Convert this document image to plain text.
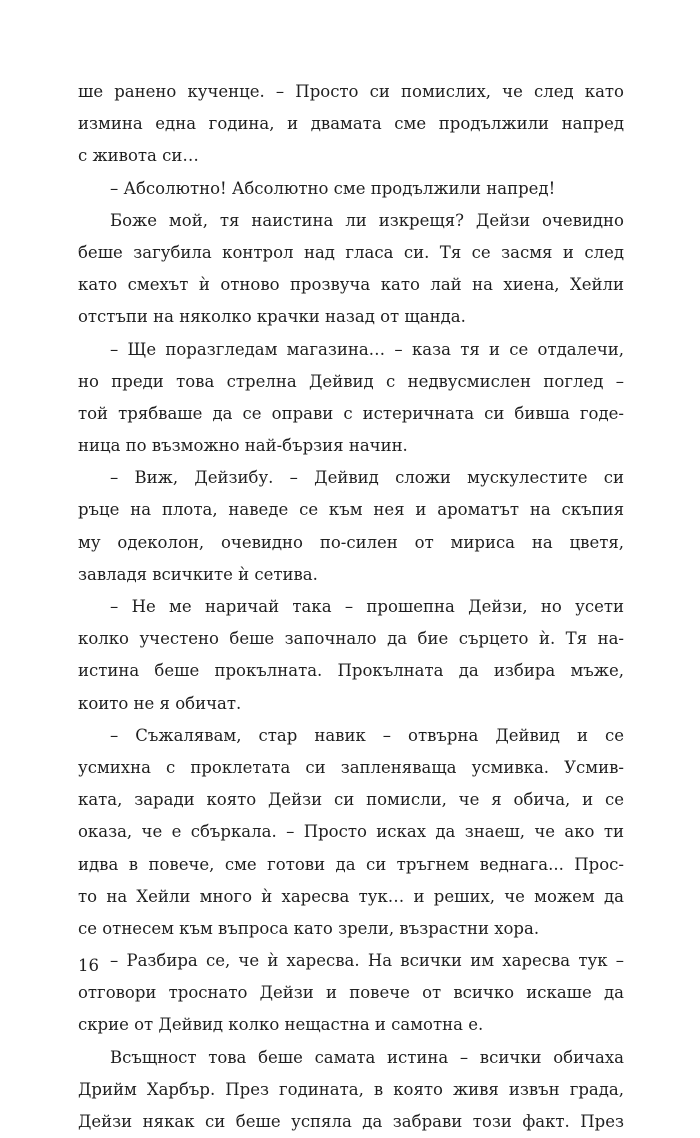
ше ранено кученце. – Просто си помислих, че след като
измина една година, и двамата сме продължили напред
с живота си…
– Абсолютно! Абсолютно сме продължили напред!
Боже мой, тя наистина ли изкрещя? Дейзи очевидно
беше загубила контрол над гласа си. Тя се засмя и след
като смехът ѝ отново прозвуча като лай на хиена, Хейли
отстъпи на няколко крачки назад от щанда.
– Ще поразгледам магазина… – каза тя и се отдалечи,
но преди това стрелна Дейвид с недвусмислен поглед –
той трябваше да се оправи с истеричната си бивша годе-
ница по възможно най-бързия начин.
– Виж, Дейзибу. – Дейвид сложи мускулестите си
ръце на плота, наведе се към нея и ароматът на скъпия
му одеколон, очевидно по-силен от мириса на цветя,
завладя всичките ѝ сетива.
– Не ме наричай така – прошепна Дейзи, но усети
колко учестено беше започнало да бие сърцето ѝ. Тя на-
истина беше прокълната. Прокълната да избира мъже,
които не я обичат.
– Съжалявам, стар навик – отвърна Дейвид и се
усмихна с проклетата си запленяваща усмивка. Усмив-
ката, заради която Дейзи си помисли, че я обича, и се
оказа, че е сбъркала. – Просто исках да знаеш, че ако ти
идва в повече, сме готови да си тръгнем веднага... Прос-
то на Хейли много ѝ харесва тук… и реших, че можем да
се отнесем към въпроса като зрели, възрастни хора.
– Разбира се, че ѝ харесва. На всички им харесва тук –
отговори троснато Дейзи и повече от всичко искаше да
скрие от Дейвид колко нещастна и самотна е.
Всъщност това беше самата истина – всички обичаха
Дрийм Харбър. През годината, в която живя извън града,
Дейзи някак си беше успяла да забрави този факт. През
16
